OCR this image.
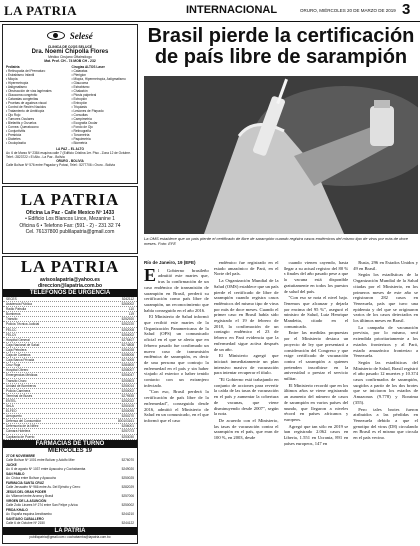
LA PATRIA	INTERNACIONAL	ORURO, MIÉRCOLES 20 DE MARZO DE 2019 3
Selesé
CLINICA DE OJOS SELUCÉ
Dra. Noemi Chipolla Flores
Médico Cirujano Oftalmólogo
Mat. Prof. CH - 74 MOB CH - 232
Pediatría
• Retinopatía del Prematuro
• Estrabismo Infantil
• Miopía
• Hipermetropía
• Astigmatismo
• Obstrucción de vías lagrimales
• Glaucoma congénito
• Cataratas congénitas
• Pruebas de agudeza visual
• Control de Recién Nacidos
• Tratamiento de Ambliopía
• Ojo Rojo
• Tumores Oculares
• Blefaritis y Orzuelos
• Cornea: Queratocono
• Conjuntivitis
• Presbicia
• Diabetes
• Oculoplastía
Cirugías ALTOS Laser
• Cataratas
• Pterigion
• Miopía, Hipermetropía, Astigmatismo
• Glaucoma
• Estrabismo
• Chalazión
• Ptosis palpebral
• Ectropión
• Entropión
• Triquiasis
• Lesiones de Párpado
• Consultas
• Campimetría
• Ecografía Ocular
• Fondo de Ojo
• Retinografía
• Tonometría
• Paquimetría
• Biometría
LA PAZ – EL ALTO
Av. 6 de Marzo Nº 2384 esquina calle 7 (Edificio Cristina 1er. Piso - Zona 12 de Octubre. Telef.: 2823722 • El Alto - La Paz - Bolivia
ORURO - BOLIVIA
Calle Bolívar Nº 576 entre Pagador y Potosí, Telef.: 5277706 • Oruro - Bolivia
LA PATRIA
Oficina La Paz - Calle Mexico Nº 1433
• Edificio Los Blancos Lince, Mezanine 1
Oficina 6 • Telefono Fax: (591 - 2) - 231 32 74
Cel. 76137800 publilapatria@gmail.com
LA PATRIA
avisoslapatria@yahoo.es
direccion@lapatria.com.bo
TELÉFONOS DE URGENCIA
SECES	5242112
Asistencia Pública	5260002
Radio Patrulla	110
Bomberos	119
Tránsito	5252920
Policía Técnica Judicial	5252220
FELCC	5252008
FELCV	5254002
Hospital General	5275407
Caja Nacional de Salud	5274808
Caja Petrolera	5254028
Caja de Caminos	5255006
Caja Banca Privada	5274005
Cruz Roja	5284500
Hospital Obrero	5255007
Emergencias Médicas	5254047
Transito Oruro	5250503
Unidad de Bomberos	5250014
Policía Caminera	5250002
Terminal de Buses	5279535
ENTEL	5252022
SeLA	5250105
ELFEO	5250095
Aeropuerto	5250270
Defensa del Consumidor	800103161
Defensoría de la Niñez	5256001
Cámara Hotelera	5257073
Capitanía de Puerto	5253030
FARMACIAS DE TURNO
MIÉRCOLES 19
27 DE NOVIEMBRE
Calle Bolívar Nº 1001 entre Bolívar y Adolfo Mier	5276070
JACKE
Av. 6 de agosto Nº 1037 entre Ayacucho y Cochabamba	5249020
SAN PABLO
Av. Cívica entre Bolívar y Ayacucho	5250025
FARMACIA SANTA CRUZ
Calle Jerusalén Nº 966 entre Av. Del Ejército y Cerro	5282029
JESUS DEL GRAN PODER
Av. Villarroel entre Aroma y Brasil	5257006
VIRGEN DE LA ASUNCIÓN
Calle Zoilo Linares Nº 274 entre San Felipe y Arica	5250002
FRIDA KHALO
Av. España esquina Arecibambo	5244210
SANTIAGO CABALLERO
Calle 6 de Octubre Nº 2150	5244122
LA PATRIA
publilapatria@gmail.com • cochabamba@lapatria.com.bo
Brasil pierde la certificación de país libre de sarampión
La OMS establece que un país pierde el certificado de libre de sarampión cuando registra casos endémicos del mismo tipo de virus por más de doce meses. Foto: EFE
Río de Janeiro, 19 (EFE)
E l Gobierno brasileño admitió este martes que, tras la confirmación de un caso endémico de transmisión de sarampión en Brasil, perderá su certificación como país libre de sarampión, un reconocimiento que había conseguido en el año 2016.

El Ministerio de Salud informó que recibió este martes de la Organización Panamericana de la Salud (OPS) un comunicado oficial en el que se alerta que en febrero pasado fue confirmado un nuevo caso de transmisión endémica de sarampión, es decir de una persona que contrajo la enfermedad en el país y sin haber viajado al exterior o haber tenido contacto con un extranjero infectado.

"Con eso, Brasil perderá la certificación de país libre de la enfermedad", conseguida desde 2016, admitió el Ministerio de Salud en un comunicado, en el que informó que el caso

endémico fue registrado en el estado amazónico de Pará, en el Norte del país.

La Organización Mundial de la Salud (OMS) establece que un país pierde el certificado de libre de sarampión cuando registra casos endémicos del mismo tipo de virus por más de doce meses. Cuando el primer caso en Brasil había sido registrado el 19 de febrero de 2018, la confirmación de un contagio endémico el 23 de febrero en Pará evidencia que la enfermedad sigue activa después de un año.

El Ministerio agregó que iniciará inmediatamente un plan intensivo masivo de vacunación para intentar recuperar el título.

"El Gobierno está trabajando en conjunto de acciones para revertir la caída de las tasas de vacunación en el país y aumentar la cobertura de vacunas, que viene disminuyendo desde 2007", según la nota.

De acuerdo con el Ministerio, las tasas de vacunación contra el sarampión en el país, que eran de 100 %, en 2003, desde

cuando vienen cayendo, hasta llegar a su actual registro del 80 % a finales del año pasado pese a que la vacuna está disponible gratuitamente en todos los puestos de salud del país.

"Con eso se nota el nivel bajo. Tenemos que alcanzar y dejarla por encima del 95 %", aseguró el ministro de Salud, Luiz Henrique Mandetta, citado en el comunicado.

Entre las medidas propuestas por el Ministerio destaca un proyecto de ley que presentará a consideración del Congreso y que exige certificado de vacunación contra el sarampión a quienes pretenden inscribirse en la universidad o prestar el servicio militar.

El Ministerio recordó que en los últimos años se viene registrando un aumento del número de casos de sarampión en varios países del mundo, que llegaron a niveles récord en países africanos y europeos.

Agregó que tan sólo en 2019 se han registrado 2.062 casos en Liberia, 1.551 en Ucrania, 891 en países europeos, 147 en

Rusia, 296 en Estados Unidos y 49 en Brasil.

Según los estadísticas de la Organización Mundial de la Salud citadas por el Ministerio, en los primeros meses de este año se registraron 282 casos en Venezuela, país que tuvo una epidemia y del que se originaron varios de los casos detectados en los últimos meses en Brasil.

La campaña de vacunación prevista, por lo mismo, será extendida prioritariamente a los estados fronterizos y al Pará, estado amazónico fronterizo a Venezuela.

Según las estadísticas del Ministerio de Salud, Brasil registró el año pasado 12 muertes y 10.374 casos confirmados de sarampión, surgidos a partir de los dos brotes que se iniciaron los estados de Amazonas (9.778) y Roraima (355).

Pero tales brotes fueron atribuidos a las pérdidas en Venezuela debido a que el genotipo del virus (D8) circulando en Brasil es el mismo que circula en el país vecino.
